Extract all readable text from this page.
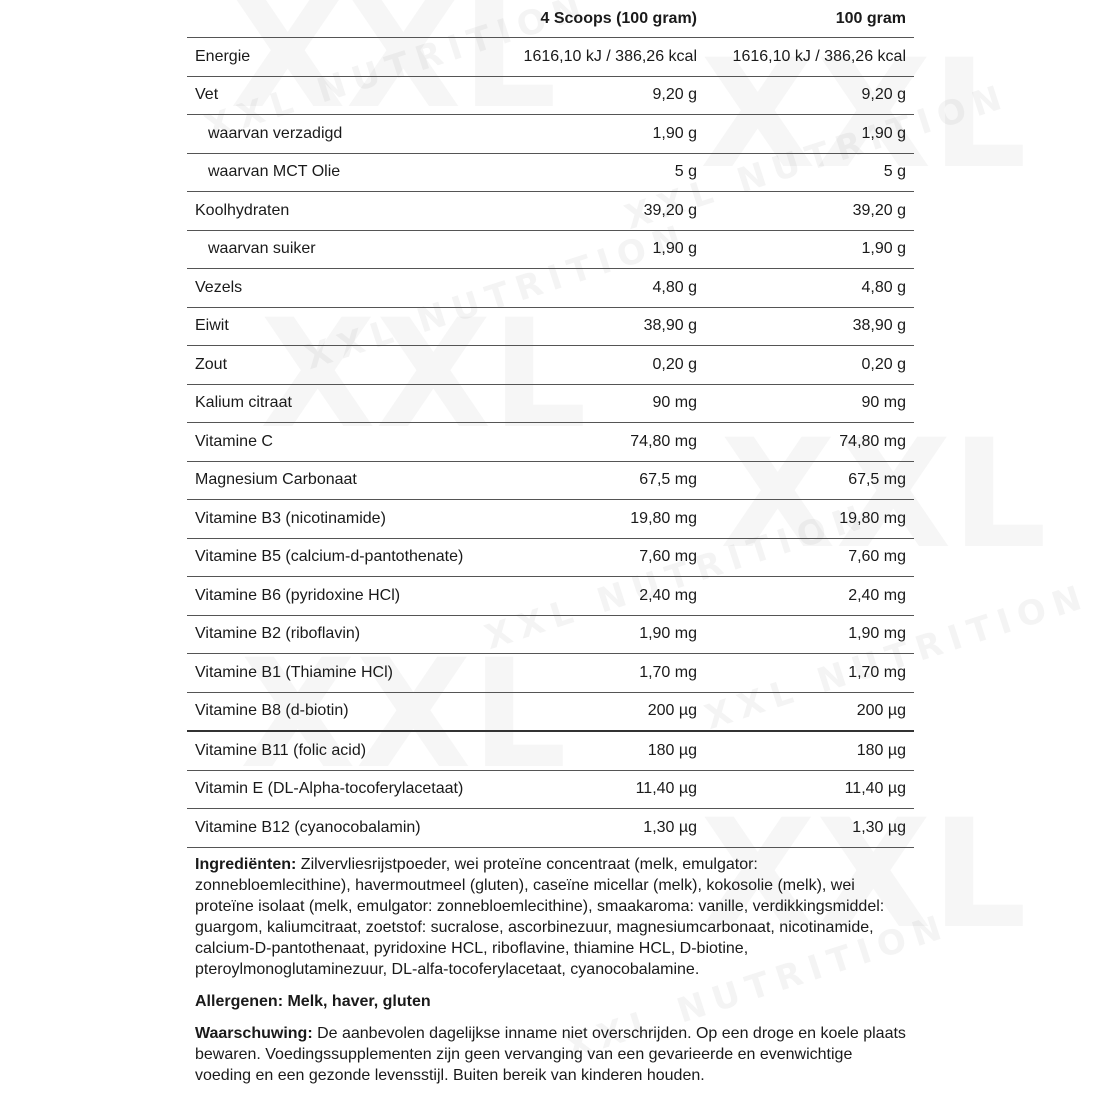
	4 Scoops (100 gram)	100 gram
Energie	1616,10 kJ / 386,26 kcal	1616,10 kJ / 386,26 kcal
Vet	9,20 g	9,20 g
waarvan verzadigd	1,90 g	1,90 g
waarvan MCT Olie	5 g	5 g
Koolhydraten	39,20 g	39,20 g
waarvan suiker	1,90 g	1,90 g
Vezels	4,80 g	4,80 g
Eiwit	38,90 g	38,90 g
Zout	0,20 g	0,20 g
Kalium citraat	90 mg	90 mg
Vitamine C	74,80 mg	74,80 mg
Magnesium Carbonaat	67,5 mg	67,5 mg
Vitamine B3 (nicotinamide)	19,80 mg	19,80 mg
Vitamine B5 (calcium-d-pantothenate)	7,60 mg	7,60 mg
Vitamine B6 (pyridoxine HCl)	2,40 mg	2,40 mg
Vitamine B2 (riboflavin)	1,90 mg	1,90 mg
Vitamine B1 (Thiamine HCl)	1,70 mg	1,70 mg
Vitamine B8 (d-biotin)	200 µg	200 µg
Vitamine B11 (folic acid)	180 µg	180 µg
Vitamin E (DL-Alpha-tocoferylacetaat)	11,40 µg	11,40 µg
Vitamine B12 (cyanocobalamin)	1,30 µg	1,30 µg

Ingrediënten: Zilvervliesrijstpoeder, wei proteïne concentraat (melk, emulgator: zonnebloemlecithine), havermoutmeel (gluten), caseïne micellar (melk), kokosolie (melk), wei proteïne isolaat (melk, emulgator: zonnebloemlecithine), smaakaroma: vanille, verdikkingsmiddel: guargom, kaliumcitraat, zoetstof: sucralose, ascorbinezuur, magnesiumcarbonaat, nicotinamide, calcium-D-pantothenaat, pyridoxine HCL, riboflavine, thiamine HCL, D-biotine, pteroylmonoglutaminezuur, DL-alfa-tocoferylacetaat, cyanocobalamine.

Allergenen: Melk, haver, gluten

Waarschuwing: De aanbevolen dagelijkse inname niet overschrijden. Op een droge en koele plaats bewaren. Voedingssupplementen zijn geen vervanging van een gevarieerde en evenwichtige voeding en een gezonde levensstijl. Buiten bereik van kinderen houden.
